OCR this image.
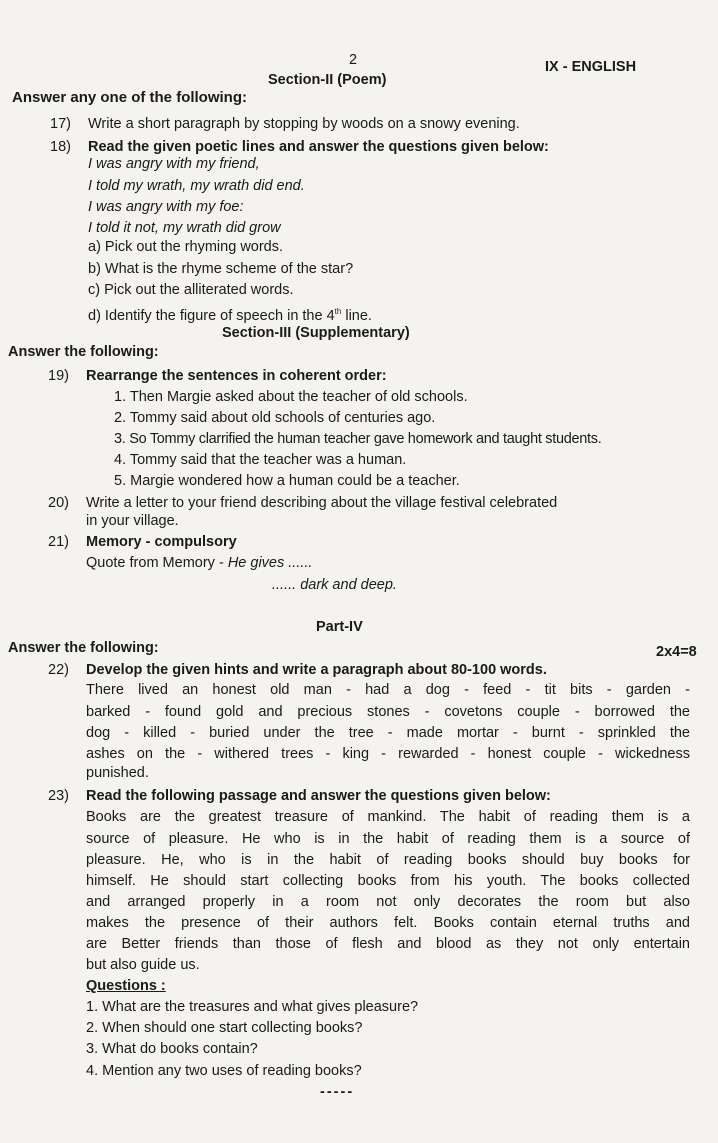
2	IX - ENGLISH
Section-II (Poem)
Answer any one of the following:
17) Write a short paragraph by stopping by woods on a snowy evening.
18) Read the given poetic lines and answer the questions given below:
I was angry with my friend,
I told my wrath, my wrath did end.
I was angry with my foe:
I told it not, my wrath did grow
a) Pick out the rhyming words.
b) What is the rhyme scheme of the star?
c) Pick out the alliterated words.
d) Identify the figure of speech in the 4th line.
Section-III (Supplementary)
Answer the following:
19) Rearrange the sentences in coherent order:
1. Then Margie asked about the teacher of old schools.
2. Tommy said about old schools of centuries ago.
3. So Tommy clarrified the human teacher gave homework and taught students.
4. Tommy said that the teacher was a human.
5. Margie wondered how a human could be a teacher.
20) Write a letter to your friend describing about the village festival celebrated
in your village.
21) Memory - compulsory
Quote from Memory - He gives ......
...... dark and deep.
Part-IV
Answer the following:	2x4=8
22) Develop the given hints and write a paragraph about 80-100 words.
There lived an honest old man - had a dog - feed - tit bits - garden -
barked - found gold and precious stones - covetons couple - borrowed the
dog - killed - buried under the tree - made mortar - burnt - sprinkled the
ashes on the - withered trees - king - rewarded - honest couple - wickedness
punished.
23) Read the following passage and answer the questions given below:
Books are the greatest treasure of mankind. The habit of reading them is a
source of pleasure. He who is in the habit of reading them is a source of
pleasure. He, who is in the habit of reading books should buy books for
himself. He should start collecting books from his youth. The books collected
and arranged properly in a room not only decorates the room but also
makes the presence of their authors felt. Books contain eternal truths and
are Better friends than those of flesh and blood as they not only entertain
but also guide us.
Questions :
1. What are the treasures and what gives pleasure?
2. When should one start collecting books?
3. What do books contain?
4. Mention any two uses of reading books?
-----
